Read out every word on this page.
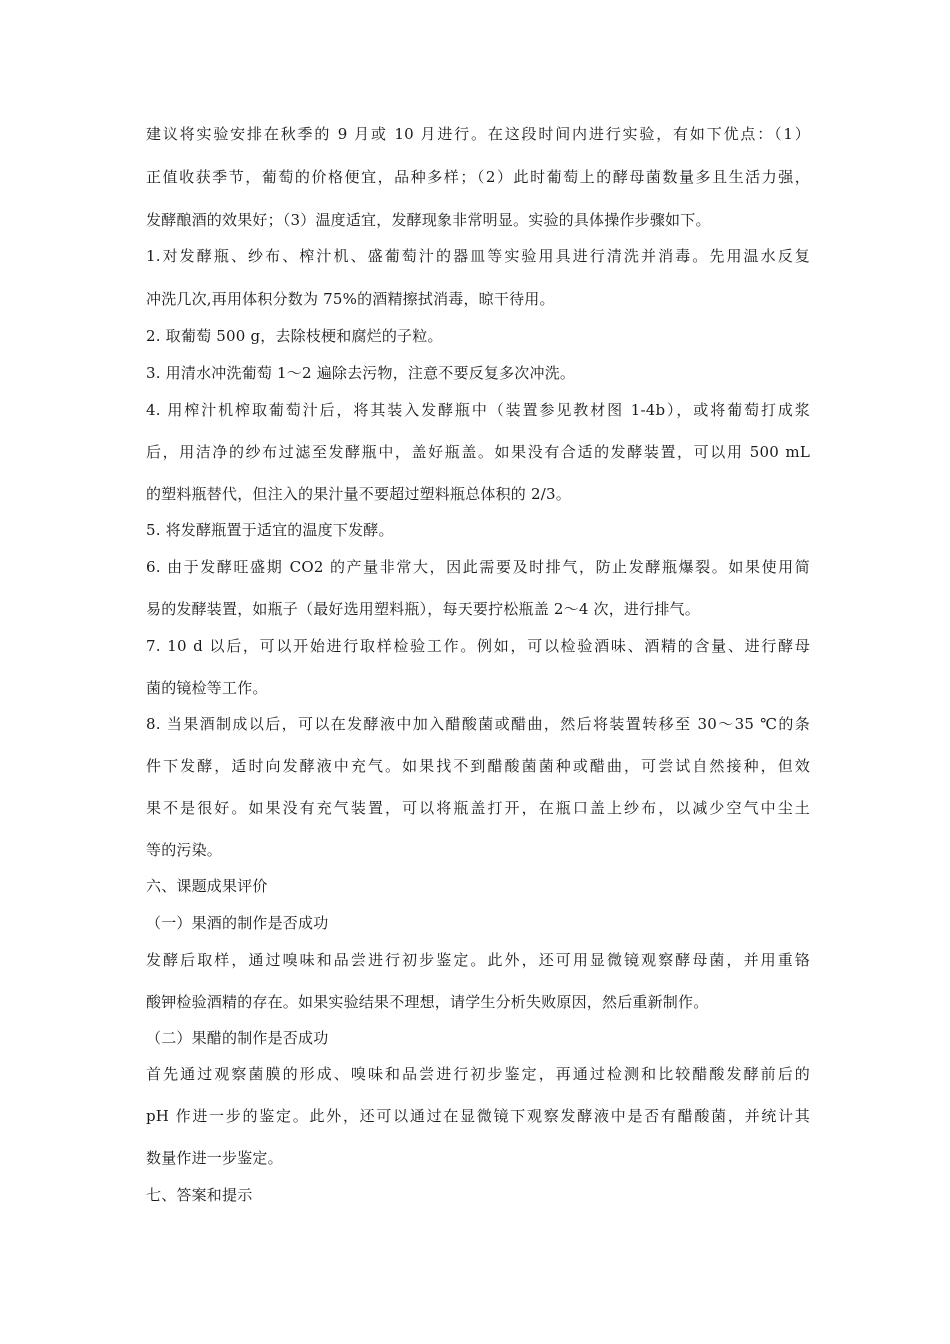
建议将实验安排在秋季的 9 月或 10 月进行。在这段时间内进行实验，有如下优点：（1）
正值收获季节，葡萄的价格便宜，品种多样；（2）此时葡萄上的酵母菌数量多且生活力强，
发酵酿酒的效果好；（3）温度适宜，发酵现象非常明显。实验的具体操作步骤如下。
1.对发酵瓶、纱布、榨汁机、盛葡萄汁的器皿等实验用具进行清洗并消毒。先用温水反复
冲洗几次,再用体积分数为 75%的酒精擦拭消毒，晾干待用。
2. 取葡萄 500 g，去除枝梗和腐烂的子粒。
3. 用清水冲洗葡萄 1～2 遍除去污物，注意不要反复多次冲洗。
4. 用榨汁机榨取葡萄汁后，将其装入发酵瓶中（装置参见教材图 1-4b），或将葡萄打成浆
后，用洁净的纱布过滤至发酵瓶中，盖好瓶盖。如果没有合适的发酵装置，可以用 500 mL
的塑料瓶替代，但注入的果汁量不要超过塑料瓶总体积的 2/3。
5. 将发酵瓶置于适宜的温度下发酵。
6. 由于发酵旺盛期 CO2 的产量非常大，因此需要及时排气，防止发酵瓶爆裂。如果使用简
易的发酵装置，如瓶子（最好选用塑料瓶），每天要拧松瓶盖 2～4 次，进行排气。
7. 10 d 以后，可以开始进行取样检验工作。例如，可以检验酒味、酒精的含量、进行酵母
菌的镜检等工作。
8. 当果酒制成以后，可以在发酵液中加入醋酸菌或醋曲，然后将装置转移至 30～35 ℃的条
件下发酵，适时向发酵液中充气。如果找不到醋酸菌菌种或醋曲，可尝试自然接种，但效
果不是很好。如果没有充气装置，可以将瓶盖打开，在瓶口盖上纱布，以减少空气中尘土
等的污染。
六、课题成果评价
（一）果酒的制作是否成功
发酵后取样，通过嗅味和品尝进行初步鉴定。此外，还可用显微镜观察酵母菌，并用重铬
酸钾检验酒精的存在。如果实验结果不理想，请学生分析失败原因，然后重新制作。
（二）果醋的制作是否成功
首先通过观察菌膜的形成、嗅味和品尝进行初步鉴定，再通过检测和比较醋酸发酵前后的
pH 作进一步的鉴定。此外，还可以通过在显微镜下观察发酵液中是否有醋酸菌，并统计其
数量作进一步鉴定。
七、答案和提示
